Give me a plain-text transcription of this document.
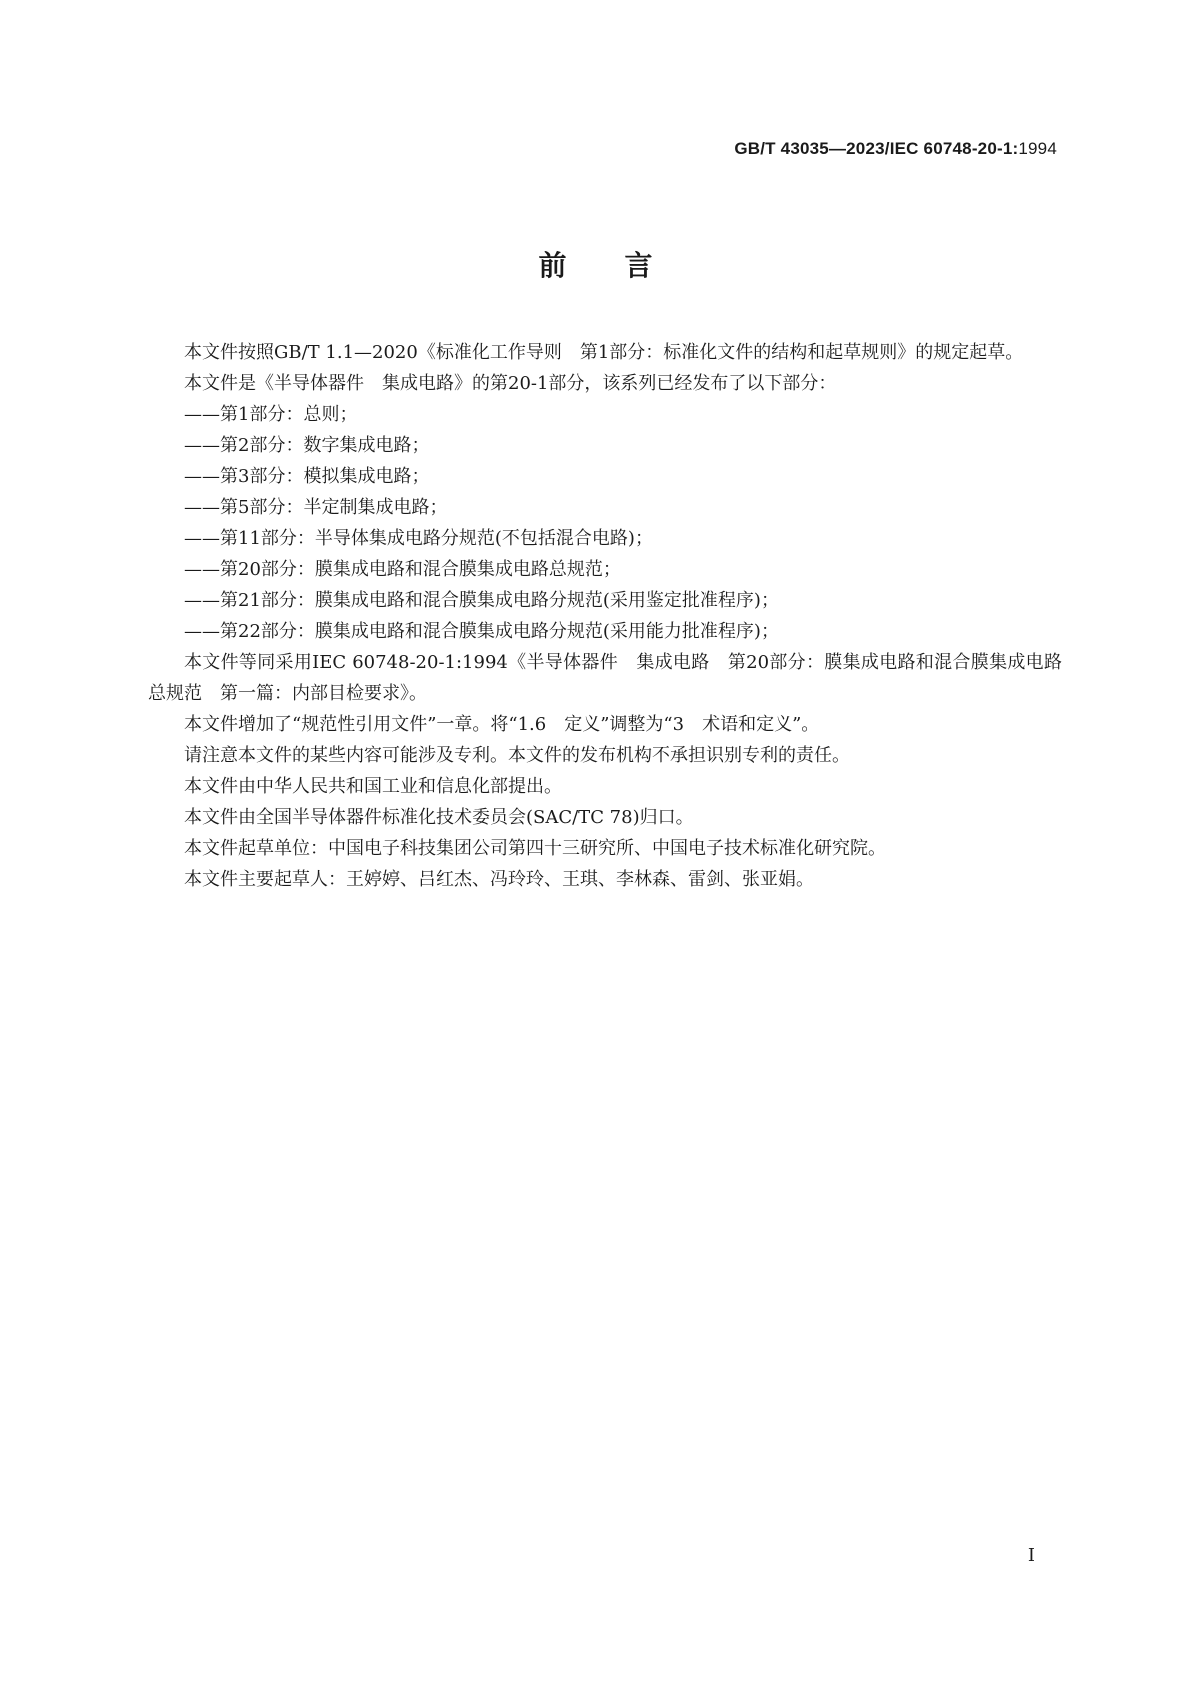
GB/T 43035—2023/IEC 60748-20-1:1994
前言

本文件按照GB/T 1.1—2020《标准化工作导则　第1部分：标准化文件的结构和起草规则》的规定起草。

本文件是《半导体器件　集成电路》的第20-1部分，该系列已经发布了以下部分：

——第1部分：总则；
——第2部分：数字集成电路；
——第3部分：模拟集成电路；
——第5部分：半定制集成电路；
——第11部分：半导体集成电路分规范(不包括混合电路)；
——第20部分：膜集成电路和混合膜集成电路总规范；
——第21部分：膜集成电路和混合膜集成电路分规范(采用鉴定批准程序)；
——第22部分：膜集成电路和混合膜集成电路分规范(采用能力批准程序)；

本文件等同采用IEC 60748-20-1:1994《半导体器件　集成电路　第20部分：膜集成电路和混合膜集成电路总规范　第一篇：内部目检要求》。

本文件增加了“规范性引用文件”一章。将“1.6　定义”调整为“3　术语和定义”。

请注意本文件的某些内容可能涉及专利。本文件的发布机构不承担识别专利的责任。

本文件由中华人民共和国工业和信息化部提出。

本文件由全国半导体器件标准化技术委员会(SAC/TC 78)归口。

本文件起草单位：中国电子科技集团公司第四十三研究所、中国电子技术标准化研究院。

本文件主要起草人：王婷婷、吕红杰、冯玲玲、王琪、李林森、雷剑、张亚娟。

I
